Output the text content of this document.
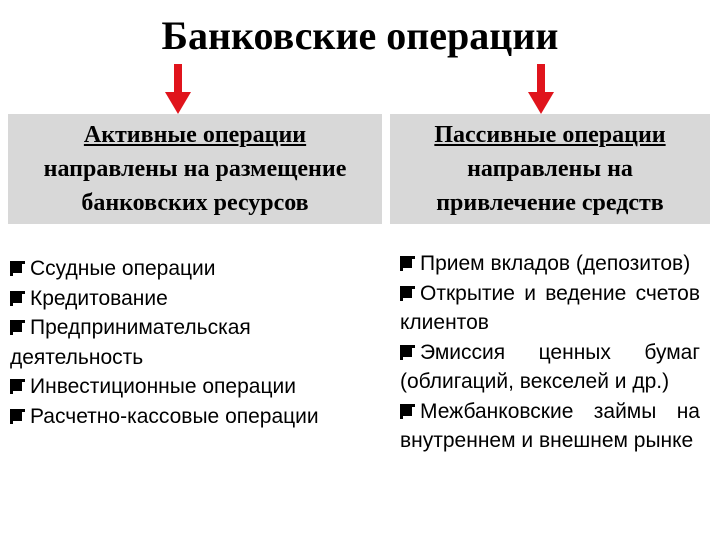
Банковские операции
Активные операции
направлены на размещение
банковских ресурсов
Пассивные операции
направлены на
привлечение средств
Ссудные операции
Кредитование
Предпринимательская деятельность
Инвестиционные операции
Расчетно-кассовые операции
Прием вкладов (депозитов)
Открытие и ведение счетов клиентов
Эмиссия ценных бумаг (облигаций, векселей и др.)
Межбанковские займы на внутреннем и внешнем рынке
